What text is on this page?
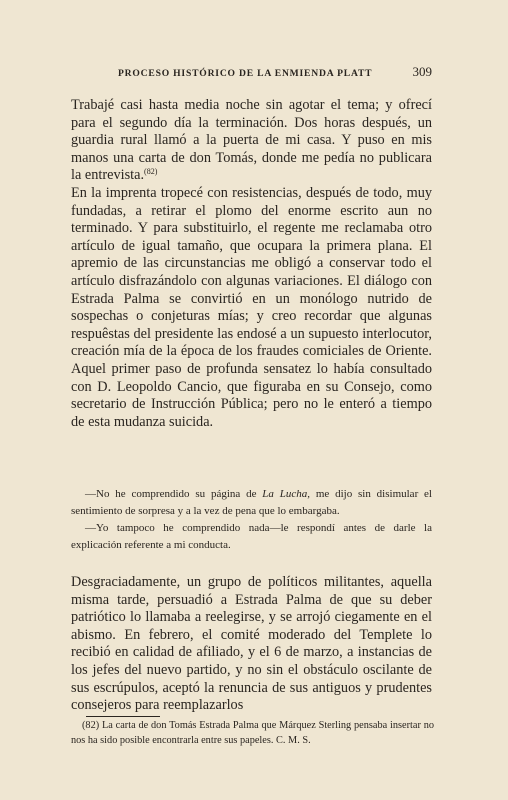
PROCESO HISTÓRICO DE LA ENMIENDA PLATT	309

Trabajé casi hasta media noche sin agotar el tema; y ofrecí para el segundo día la terminación. Dos horas después, un guardia rural llamó a la puerta de mi casa. Y puso en mis manos una carta de don Tomás, donde me pedía no publicara la entrevista.$^{(82)}$

En la imprenta tropecé con resistencias, después de todo, muy fundadas, a retirar el plomo del enorme escrito aun no terminado. Y para substituirlo, el regente me reclamaba otro artículo de igual tamaño, que ocupara la primera plana. El apremio de las circunstancias me obligó a conservar todo el artículo disfrazándolo con algunas variaciones. El diálogo con Estrada Palma se convirtió en un monólogo nutrido de sospechas o conjeturas mías; y creo recordar que algunas respuêstas del presidente las endosé a un supuesto interlocutor, creación mía de la época de los fraudes comiciales de Oriente. Aquel primer paso de profunda sensatez lo había consultado con D. Leopoldo Cancio, que figuraba en su Consejo, como secretario de Instrucción Pública; pero no le enteró a tiempo de esta mudanza suicida.

—No he comprendido su página de La Lucha, me dijo sin disimular el sentimiento de sorpresa y a la vez de pena que lo embargaba.

—Yo tampoco he comprendido nada—le respondí antes de darle la explicación referente a mi conducta.

Desgraciadamente, un grupo de políticos militantes, aquella misma tarde, persuadió a Estrada Palma de que su deber patriótico lo llamaba a reelegirse, y se arrojó ciegamente en el abismo. En febrero, el comité moderado del Templete lo recibió en calidad de afiliado, y el 6 de marzo, a instancias de los jefes del nuevo partido, y no sin el obstáculo oscilante de sus escrúpulos, aceptó la renuncia de sus antiguos y prudentes consejeros para reemplazarlos

(82) La carta de don Tomás Estrada Palma que Márquez Sterling pensaba insertar no nos ha sido posible encontrarla entre sus papeles. C. M. S.
